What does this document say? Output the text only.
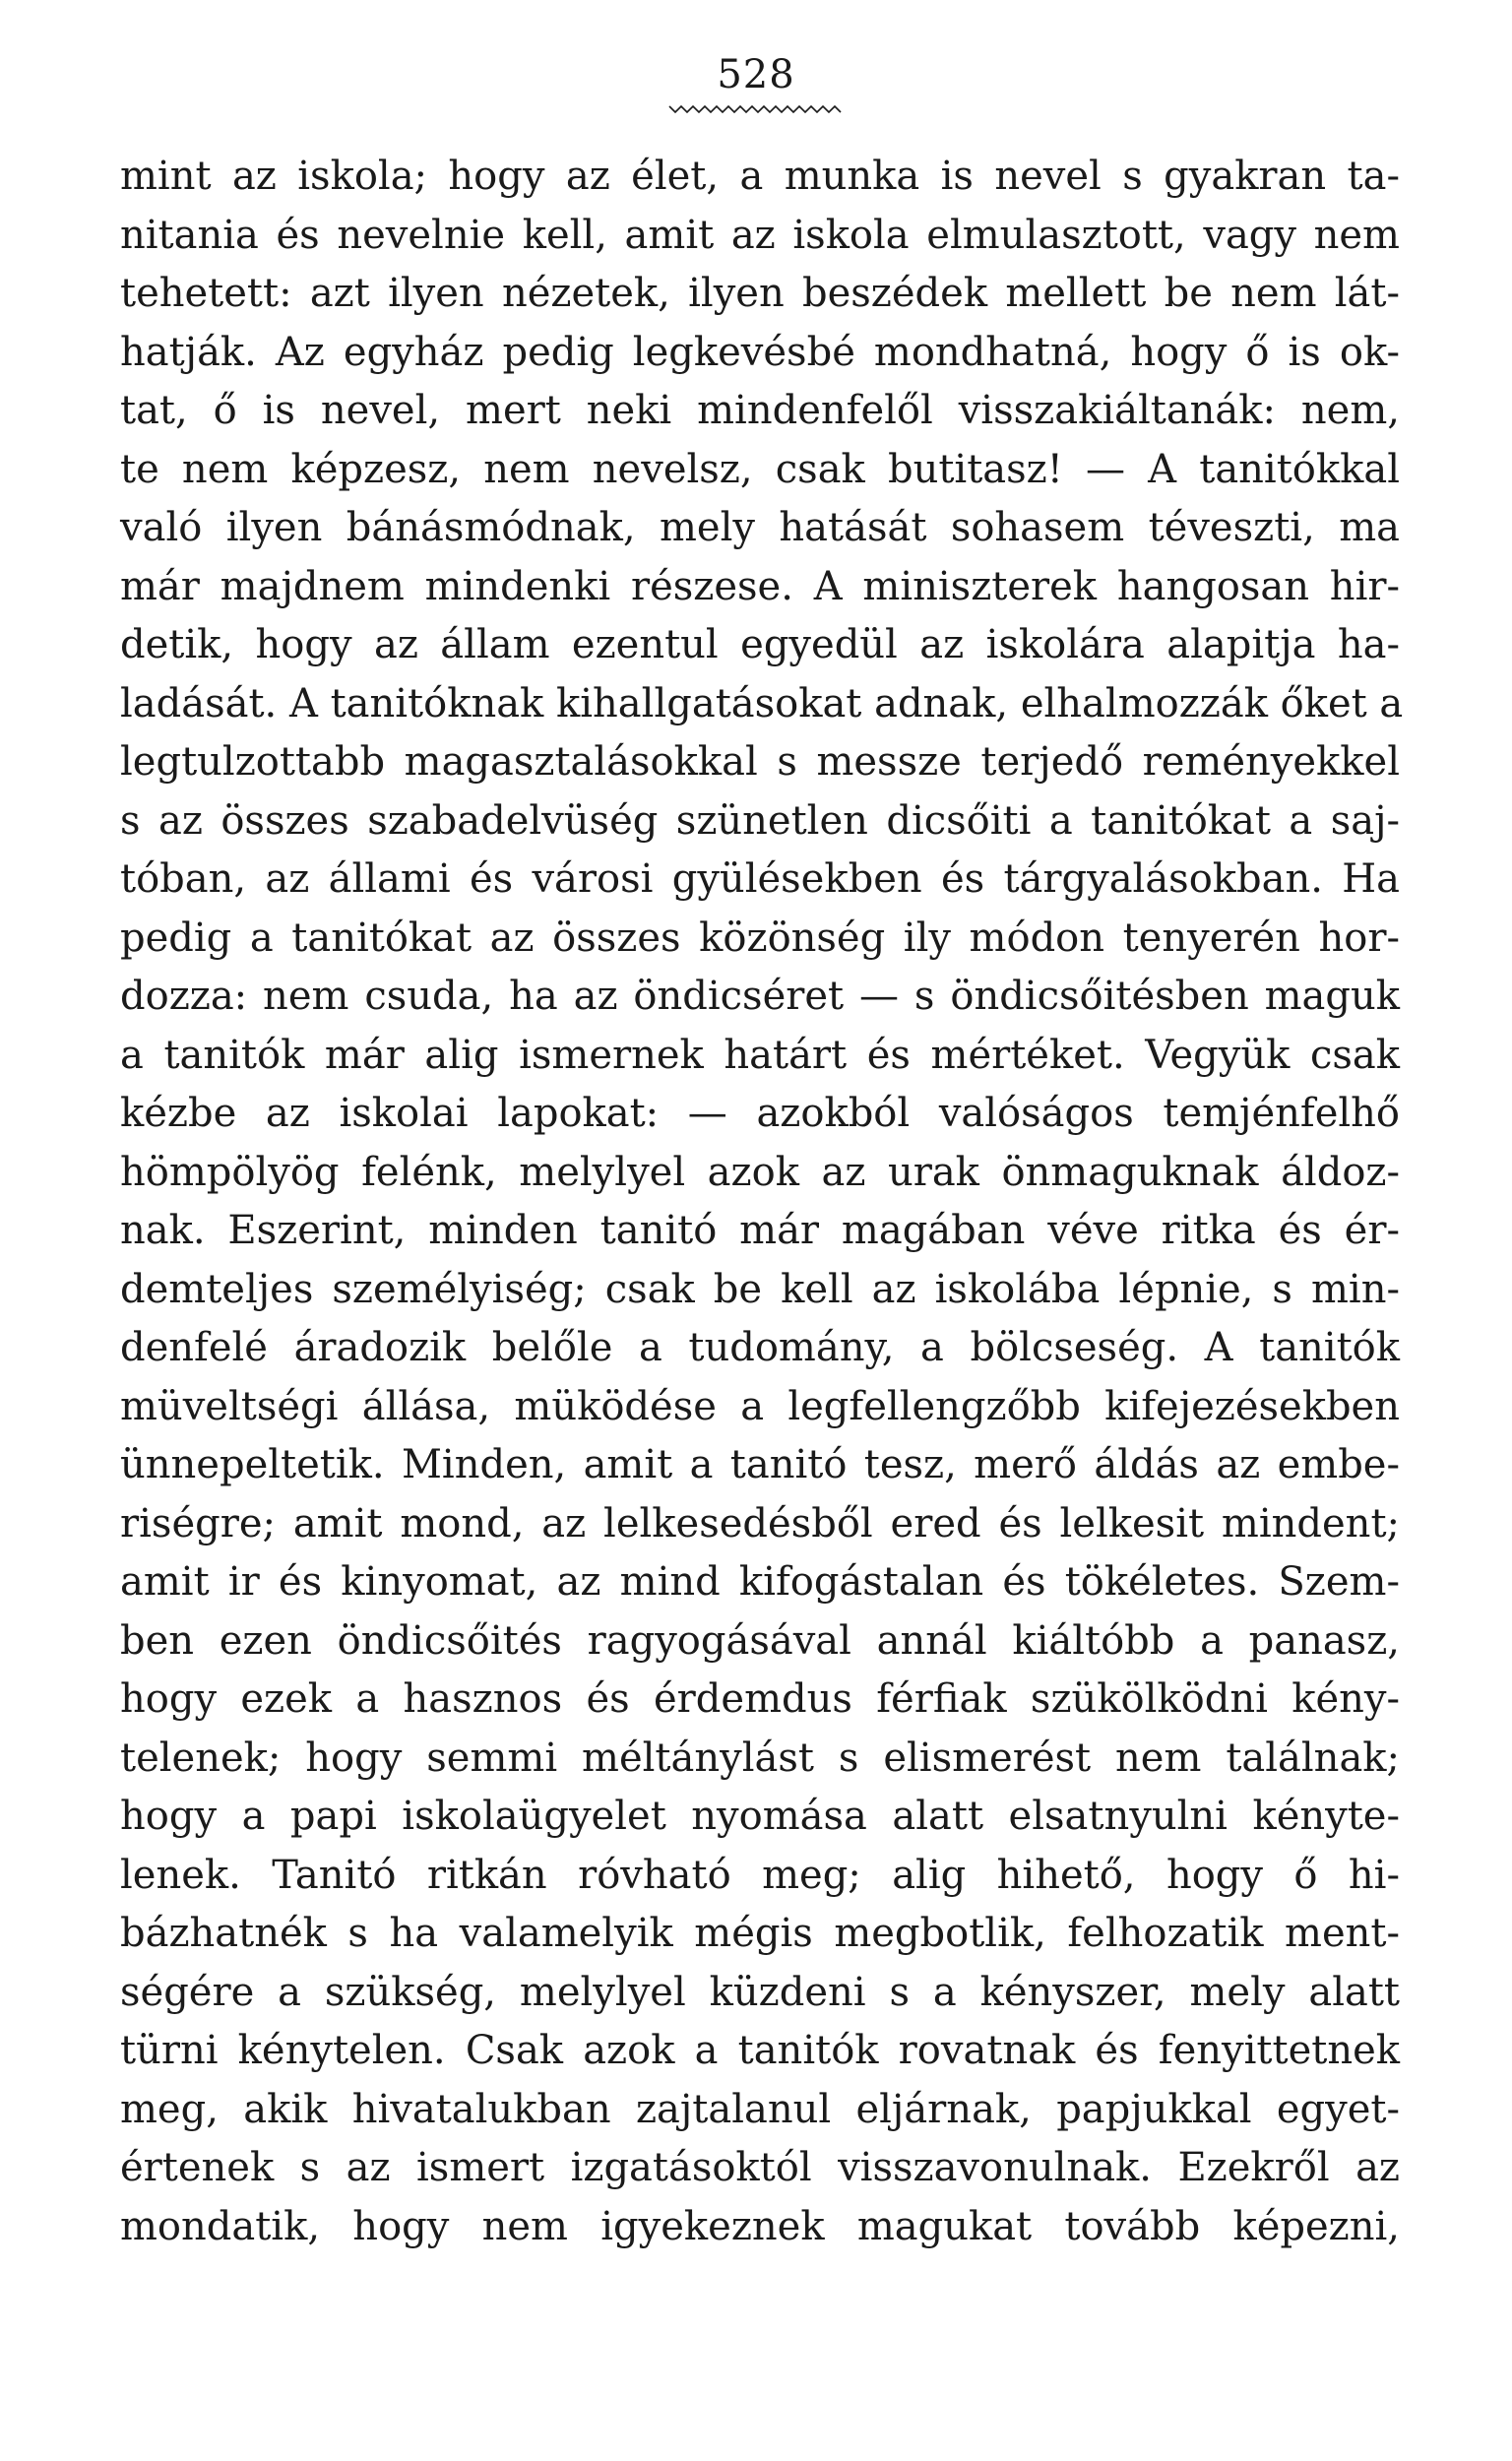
528
mint az iskola; hogy az élet, a munka is nevel s gyakran ta-
nitania és nevelnie kell, amit az iskola elmulasztott, vagy nem
tehetett: azt ilyen nézetek, ilyen beszédek mellett be nem lát-
hatják. Az egyház pedig legkevésbé mondhatná, hogy ő is ok-
tat, ő is nevel, mert neki mindenfelől visszakiáltanák: nem,
te nem képzesz, nem nevelsz, csak butitasz! — A tanitókkal
való ilyen bánásmódnak, mely hatását sohasem téveszti, ma
már majdnem mindenki részese. A miniszterek hangosan hir-
detik, hogy az állam ezentul egyedül az iskolára alapitja ha-
ladását. A tanitóknak kihallgatásokat adnak, elhalmozzák őket a
legtulzottabb magasztalásokkal s messze terjedő reményekkel
s az összes szabadelvüség szünetlen dicsőiti a tanitókat a saj-
tóban, az állami és városi gyülésekben és tárgyalásokban. Ha
pedig a tanitókat az összes közönség ily módon tenyerén hor-
dozza: nem csuda, ha az öndicséret — s öndicsőitésben maguk
a tanitók már alig ismernek határt és mértéket. Vegyük csak
kézbe az iskolai lapokat: — azokból valóságos temjénfelhő
hömpölyög felénk, melylyel azok az urak önmaguknak áldoz-
nak. Eszerint, minden tanitó már magában véve ritka és ér-
demteljes személyiség; csak be kell az iskolába lépnie, s min-
denfelé áradozik belőle a tudomány, a bölcseség. A tanitók
müveltségi állása, müködése a legfellengzőbb kifejezésekben
ünnepeltetik. Minden, amit a tanitó tesz, merő áldás az embe-
riségre; amit mond, az lelkesedésből ered és lelkesit mindent;
amit ir és kinyomat, az mind kifogástalan és tökéletes. Szem-
ben ezen öndicsőités ragyogásával annál kiáltóbb a panasz,
hogy ezek a hasznos és érdemdus férfiak szükölködni kény-
telenek; hogy semmi méltánylást s elismerést nem találnak;
hogy a papi iskolaügyelet nyomása alatt elsatnyulni kényte-
lenek. Tanitó ritkán róvható meg; alig hihető, hogy ő hi-
bázhatnék s ha valamelyik mégis megbotlik, felhozatik ment-
ségére a szükség, melylyel küzdeni s a kényszer, mely alatt
türni kénytelen. Csak azok a tanitók rovatnak és fenyittetnek
meg, akik hivatalukban zajtalanul eljárnak, papjukkal egyet-
értenek s az ismert izgatásoktól visszavonulnak. Ezekről az
mondatik, hogy nem igyekeznek magukat tovább képezni,
